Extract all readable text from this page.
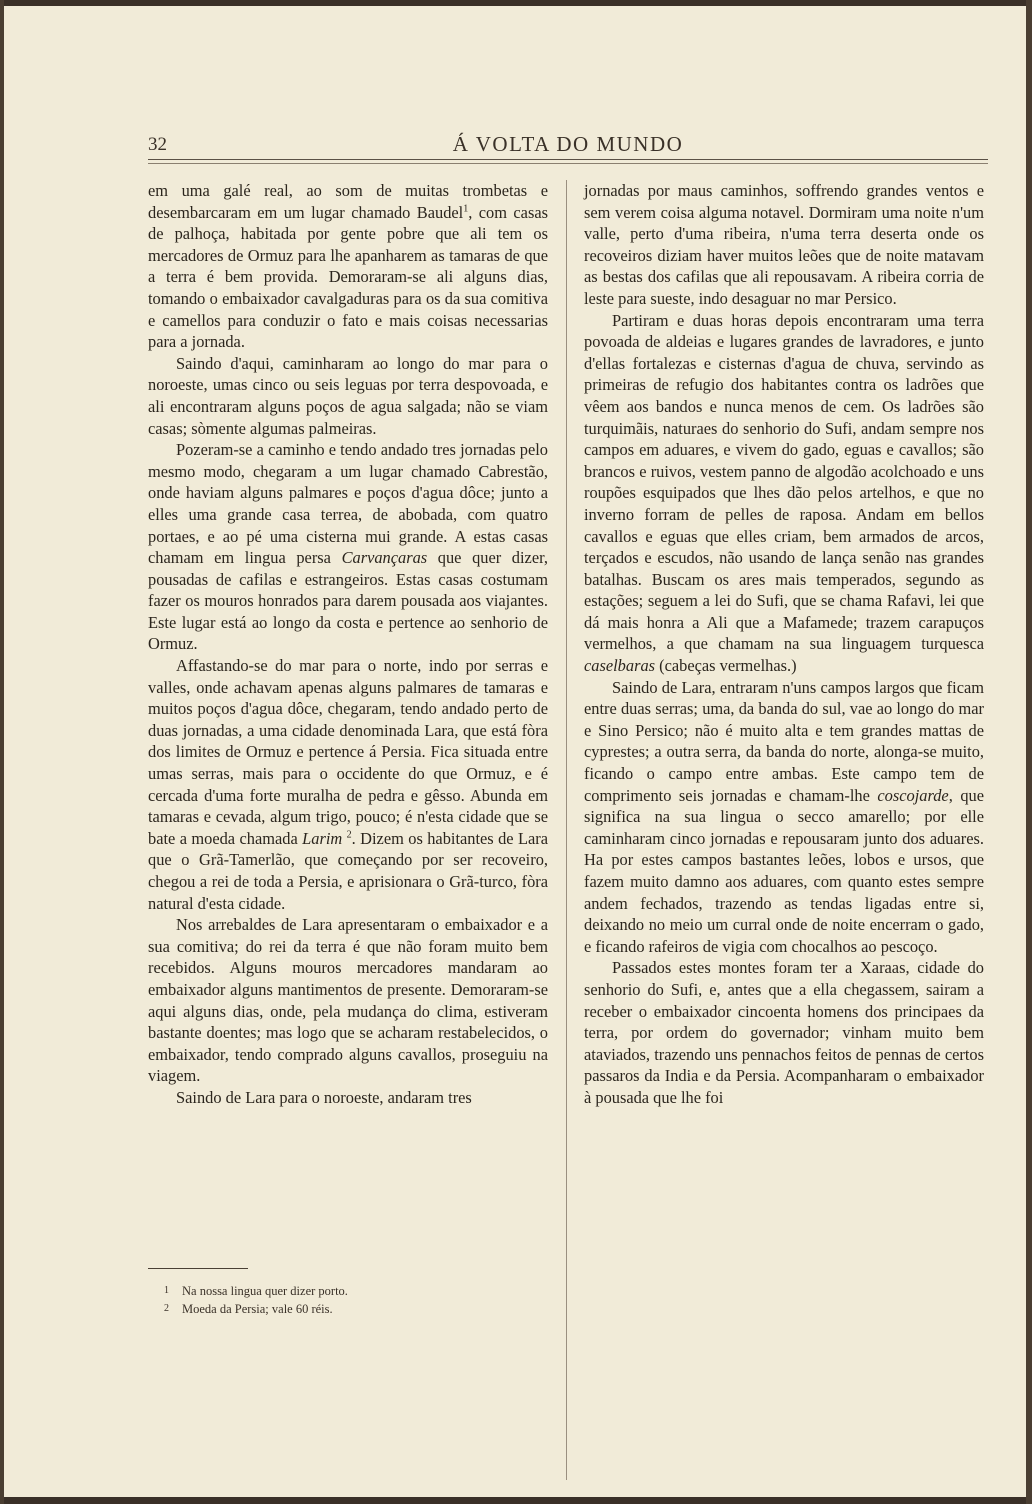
32	Á VOLTA DO MUNDO

em uma galé real, ao som de muitas trombetas e desembarcaram em um lugar chamado Baudel$^1$, com casas de palhoça, habitada por gente pobre que ali tem os mercadores de Ormuz para lhe apanharem as tamaras de que a terra é bem provida. Demoraram-se ali alguns dias, tomando o embaixador cavalgaduras para os da sua comitiva e camellos para conduzir o fato e mais coisas necessarias para a jornada.

Saindo d'aqui, caminharam ao longo do mar para o noroeste, umas cinco ou seis leguas por terra despovoada, e ali encontraram alguns poços de agua salgada; não se viam casas; sòmente algumas palmeiras.

Pozeram-se a caminho e tendo andado tres jornadas pelo mesmo modo, chegaram a um lugar chamado Cabrestão, onde haviam alguns palmares e poços d'agua dôce; junto a elles uma grande casa terrea, de abobada, com quatro portaes, e ao pé uma cisterna mui grande. A estas casas chamam em lingua persa Carvançaras que quer dizer, pousadas de cafilas e estrangeiros. Estas casas costumam fazer os mouros honrados para darem pousada aos viajantes. Este lugar está ao longo da costa e pertence ao senhorio de Ormuz.

Affastando-se do mar para o norte, indo por serras e valles, onde achavam apenas alguns palmares de tamaras e muitos poços d'agua dôce, chegaram, tendo andado perto de duas jornadas, a uma cidade denominada Lara, que está fòra dos limites de Ormuz e pertence á Persia. Fica situada entre umas serras, mais para o occidente do que Ormuz, e é cercada d'uma forte muralha de pedra e gêsso. Abunda em tamaras e cevada, algum trigo, pouco; é n'esta cidade que se bate a moeda chamada Larim $^2$. Dizem os habitantes de Lara que o Grã-Tamerlão, que começando por ser recoveiro, chegou a rei de toda a Persia, e aprisionara o Grã-turco, fòra natural d'esta cidade.

Nos arrebaldes de Lara apresentaram o embaixador e a sua comitiva; do rei da terra é que não foram muito bem recebidos. Alguns mouros mercadores mandaram ao embaixador alguns mantimentos de presente. Demoraram-se aqui alguns dias, onde, pela mudança do clima, estiveram bastante doentes; mas logo que se acharam restabelecidos, o embaixador, tendo comprado alguns cavallos, proseguiu na viagem.

Saindo de Lara para o noroeste, andaram tres

1 Na nossa lingua quer dizer porto.
2 Moeda da Persia; vale 60 réis.

jornadas por maus caminhos, soffrendo grandes ventos e sem verem coisa alguma notavel. Dormiram uma noite n'um valle, perto d'uma ribeira, n'uma terra deserta onde os recoveiros diziam haver muitos leões que de noite matavam as bestas dos cafilas que ali repousavam. A ribeira corria de leste para sueste, indo desaguar no mar Persico.

Partiram e duas horas depois encontraram uma terra povoada de aldeias e lugares grandes de lavradores, e junto d'ellas fortalezas e cisternas d'agua de chuva, servindo as primeiras de refugio dos habitantes contra os ladrões que vêem aos bandos e nunca menos de cem. Os ladrões são turquimãis, naturaes do senhorio do Sufi, andam sempre nos campos em aduares, e vivem do gado, eguas e cavallos; são brancos e ruivos, vestem panno de algodão acolchoado e uns roupões esquipados que lhes dão pelos artelhos, e que no inverno forram de pelles de raposa. Andam em bellos cavallos e eguas que elles criam, bem armados de arcos, terçados e escudos, não usando de lança senão nas grandes batalhas. Buscam os ares mais temperados, segundo as estações; seguem a lei do Sufi, que se chama Rafavi, lei que dá mais honra a Ali que a Mafamede; trazem carapuços vermelhos, a que chamam na sua linguagem turquesca caselbaras (cabeças vermelhas.)

Saindo de Lara, entraram n'uns campos largos que ficam entre duas serras; uma, da banda do sul, vae ao longo do mar e Sino Persico; não é muito alta e tem grandes mattas de cyprestes; a outra serra, da banda do norte, alonga-se muito, ficando o campo entre ambas. Este campo tem de comprimento seis jornadas e chamam-lhe coscojarde, que significa na sua lingua o secco amarello; por elle caminharam cinco jornadas e repousaram junto dos aduares. Ha por estes campos bastantes leões, lobos e ursos, que fazem muito damno aos aduares, com quanto estes sempre andem fechados, trazendo as tendas ligadas entre si, deixando no meio um curral onde de noite encerram o gado, e ficando rafeiros de vigia com chocalhos ao pescoço.

Passados estes montes foram ter a Xaraas, cidade do senhorio do Sufi, e, antes que a ella chegassem, sairam a receber o embaixador cincoenta homens dos principaes da terra, por ordem do governador; vinham muito bem ataviados, trazendo uns pennachos feitos de pennas de certos passaros da India e da Persia. Acompanharam o embaixador à pousada que lhe foi
